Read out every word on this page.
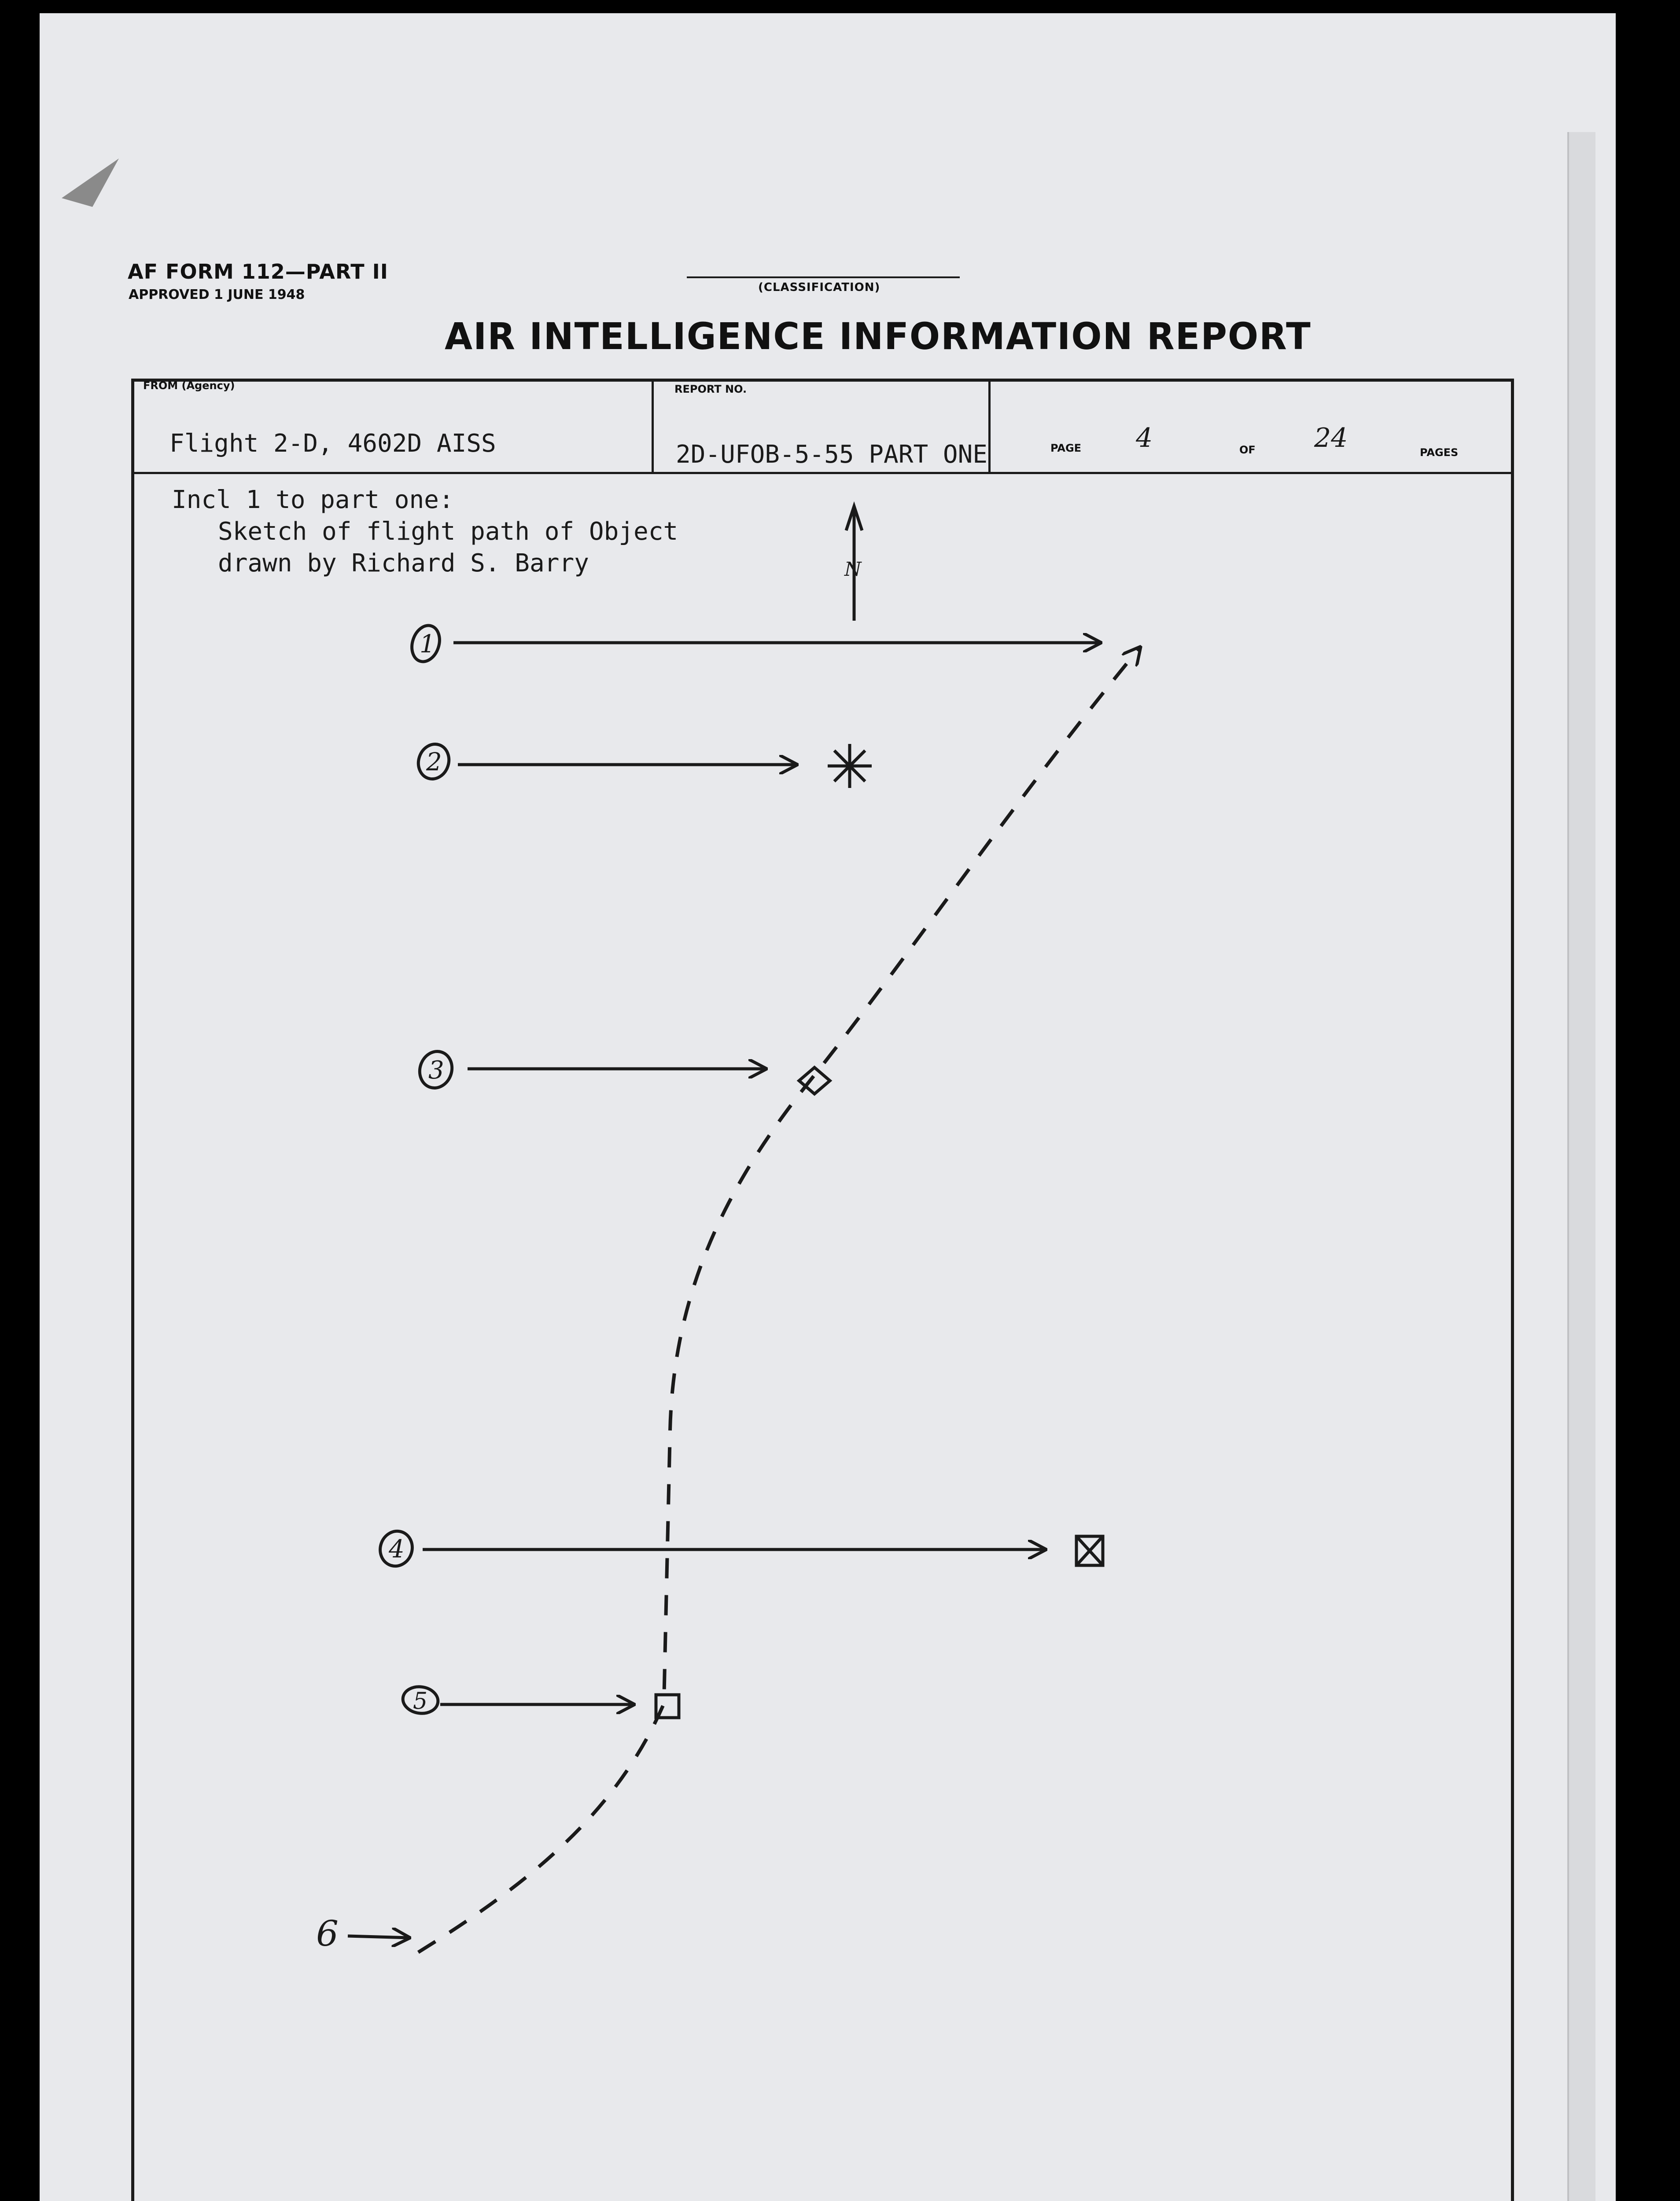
AF FORM 112—PART II
APPROVED 1 JUNE 1948	(CLASSIFICATION)
AIR INTELLIGENCE INFORMATION REPORT
FROM (Agency)
Flight 2-D, 4602D AISS
REPORT NO.
2D-UFOB-5-55 PART ONE	PAGE 4	OF 24	PAGES
Incl 1 to part one:
Sketch of flight path of Object
drawn by Richard S. Barry	N
1
2
3
4
5
6
